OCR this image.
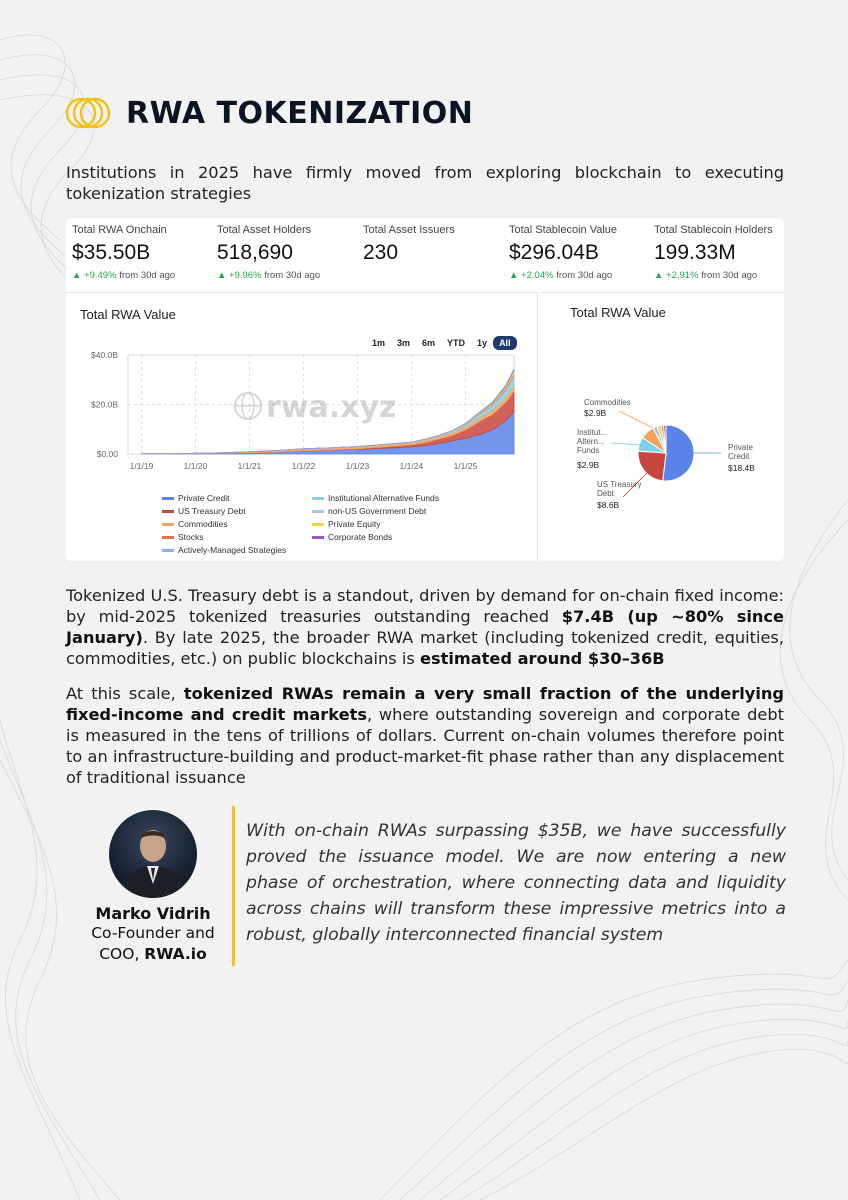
RWA TOKENIZATION

Institutions in 2025 have firmly moved from exploring blockchain to executing tokenization strategies

Total RWA Onchain
$35.50B
▲ +9.49% from 30d ago
Total Asset Holders
518,690
▲ +9.96% from 30d ago
Total Asset Issuers
230
Total Stablecoin Value
$296.04B
▲ +2.04% from 30d ago
Total Stablecoin Holders
199.33M
▲ +2.91% from 30d ago
Total RWA Value
1m	3m	6m	YTD	1y	All
$0.00
$20.0B
$40.0B
1/1/19	1/1/20	1/1/21	1/1/22	1/1/23	1/1/24	1/1/25
rwa.xyz
Private Credit
US Treasury Debt
Commodities
Institutional Alternative Funds
non-US Government Debt
Stocks
Private Equity
Corporate Bonds
Actively-Managed Strategies
Total RWA Value
Commodities
$2.9B
Institut... Altern... Funds
$2.9B
US Treasury Debt
$8.6B
Private Credit
$18.4B

Tokenized U.S. Treasury debt is a standout, driven by demand for on-chain fixed income: by mid-2025 tokenized treasuries outstanding reached $7.4B (up ~80% since January). By late 2025, the broader RWA market (including tokenized credit, equities, commodities, etc.) on public blockchains is estimated around $30–36B

At this scale, tokenized RWAs remain a very small fraction of the underlying fixed-income and credit markets, where outstanding sovereign and corporate debt is measured in the tens of trillions of dollars. Current on-chain volumes therefore point to an infrastructure-building and product-market-fit phase rather than any displacement of traditional issuance

Marko Vidrih
Co-Founder and
COO, RWA.io

With on-chain RWAs surpassing $35B, we have successfully proved the issuance model. We are now entering a new phase of orchestration, where connecting data and liquidity across chains will transform these impressive metrics into a robust, globally interconnected financial system
